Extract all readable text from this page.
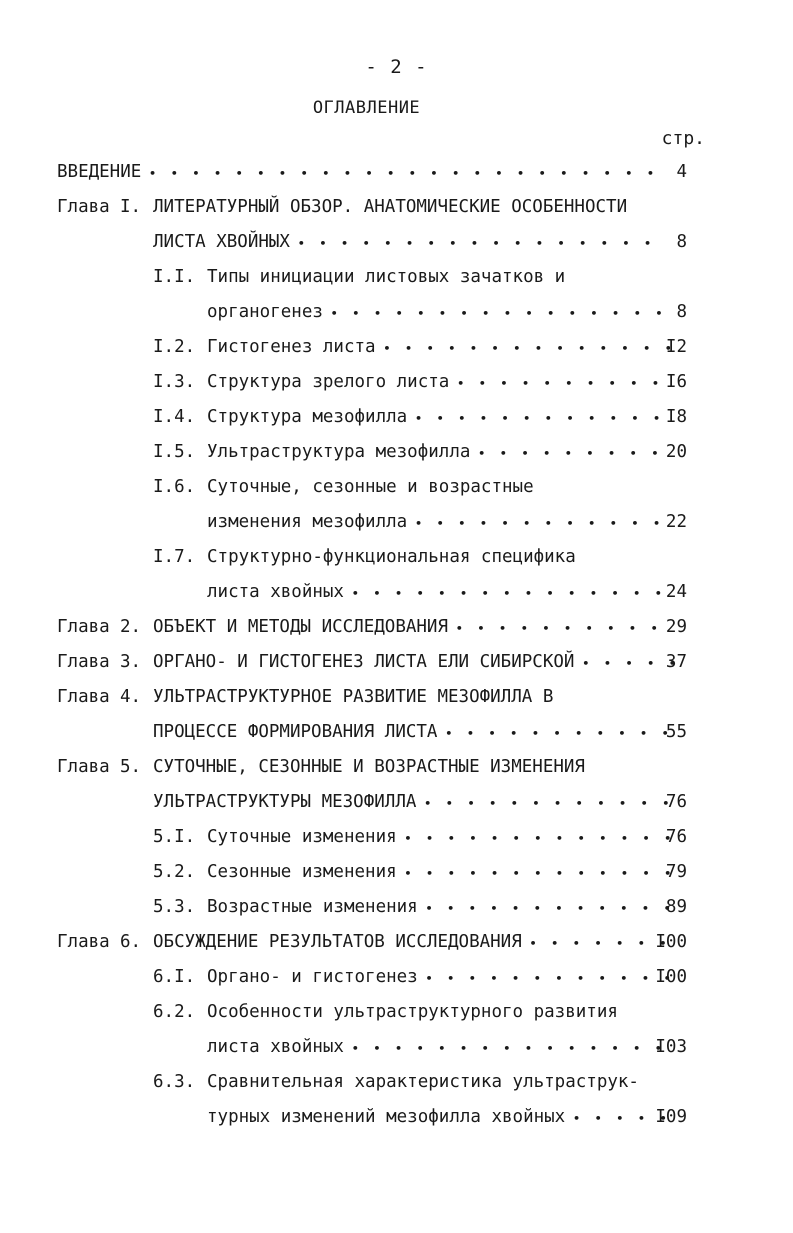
- 2 -
ОГЛАВЛЕНИЕ
стр.
ВВЕДЕНИЕ • • •	4
Глава I. ЛИТЕРАТУРНЫЙ ОБЗОР. АНАТОМИЧЕСКИЕ ОСОБЕННОСТИ
ЛИСТА ХВОЙНЫХ • • •	8
I.I. Типы инициации листовых зачатков и
органогенез • • •	8
I.2. Гистогенез листа • • •	I2
I.3. Структура зрелого листа • • •	I6
I.4. Структура мезофилла • • •	I8
I.5. Ультраструктура мезофилла • • •	20
I.6. Суточные, сезонные и возрастные
изменения мезофилла • • •	22
I.7. Структурно-функциональная специфика
листа хвойных • • •	24
Глава 2. ОБЪЕКТ И МЕТОДЫ ИССЛЕДОВАНИЯ • • •	29
Глава 3. ОРГАНО- И ГИСТОГЕНЕЗ ЛИСТА ЕЛИ СИБИРСКОЙ • • •	37
Глава 4. УЛЬТРАСТРУКТУРНОЕ РАЗВИТИЕ МЕЗОФИЛЛА В
ПРОЦЕССЕ ФОРМИРОВАНИЯ ЛИСТА • • •	55
Глава 5. СУТОЧНЫЕ, СЕЗОННЫЕ И ВОЗРАСТНЫЕ ИЗМЕНЕНИЯ
УЛЬТРАСТРУКТУРЫ МЕЗОФИЛЛА • • •	76
5.I. Суточные изменения • • •	76
5.2. Сезонные изменения • • •	79
5.3. Возрастные изменения • • •	89
Глава 6. ОБСУЖДЕНИЕ РЕЗУЛЬТАТОВ ИССЛЕДОВАНИЯ • • •	I00
6.I. Органо- и гистогенез • • •	I00
6.2. Особенности ультраструктурного развития
листа хвойных • • •	I03
6.3. Сравнительная характеристика ультраструк-
турных изменений мезофилла хвойных • • •	I09
